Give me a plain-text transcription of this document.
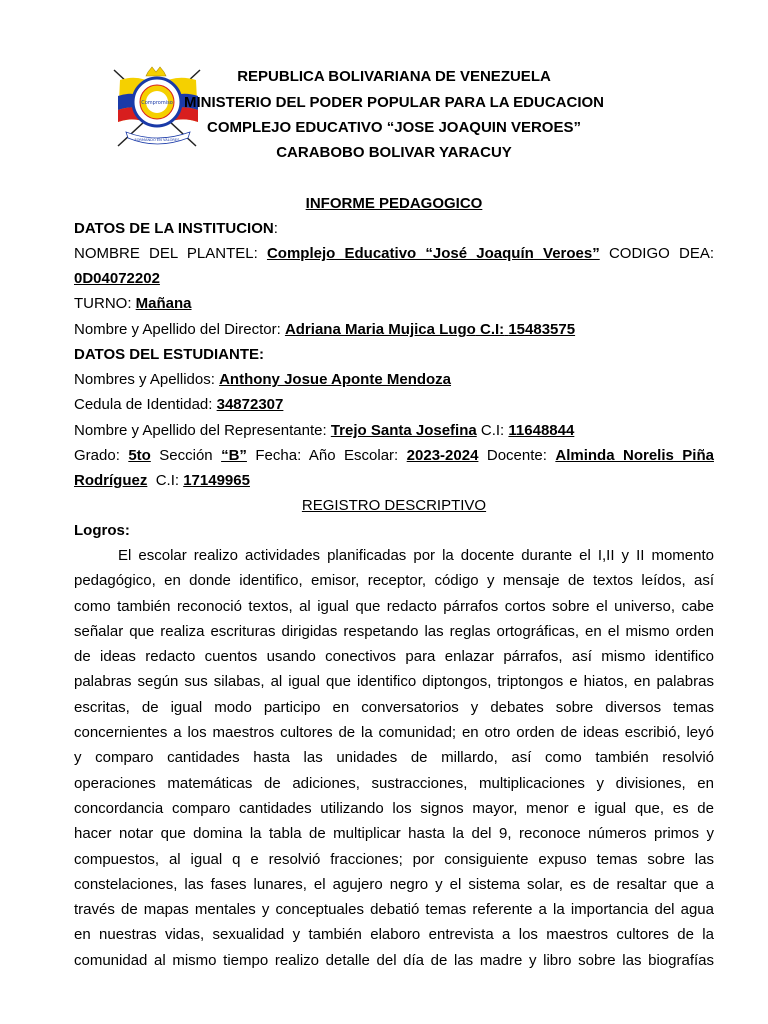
Compromiso
FORMANDO EN VALORES
REPUBLICA BOLIVARIANA DE VENEZUELA
MINISTERIO DEL PODER POPULAR PARA LA EDUCACION
COMPLEJO EDUCATIVO “JOSE JOAQUIN VEROES”
CARABOBO BOLIVAR YARACUY
INFORME PEDAGOGICO
DATOS DE LA INSTITUCION:
NOMBRE DEL PLANTEL: Complejo Educativo “José Joaquín Veroes” CODIGO DEA:
0D04072202
TURNO: Mañana
Nombre y Apellido del Director: Adriana Maria Mujica Lugo C.I: 15483575
DATOS DEL ESTUDIANTE:
Nombres y Apellidos: Anthony Josue Aponte Mendoza
Cedula de Identidad: 34872307
Nombre y Apellido del Representante: Trejo Santa Josefina C.I: 11648844
Grado: 5to Sección “B” Fecha: Año Escolar: 2023-2024 Docente: Alminda Norelis Piña
Rodríguez C.I: 17149965
REGISTRO DESCRIPTIVO
Logros:
El escolar realizo actividades planificadas por la docente durante el I,II y II momento
pedagógico, en donde identifico, emisor, receptor, código y mensaje de textos leídos, así
como también reconoció textos, al igual que redacto párrafos cortos sobre el universo, cabe
señalar que realiza escrituras dirigidas respetando las reglas ortográficas, en el mismo orden
de ideas redacto cuentos usando conectivos para enlazar párrafos, así mismo identifico
palabras según sus silabas, al igual que identifico diptongos, triptongos e hiatos, en palabras
escritas, de igual modo participo en conversatorios y debates sobre diversos temas
concernientes a los maestros cultores de la comunidad; en otro orden de ideas escribió, leyó
y comparo cantidades hasta las unidades de millardo, así como también resolvió
operaciones matemáticas de adiciones, sustracciones, multiplicaciones y divisiones, en
concordancia comparo cantidades utilizando los signos mayor, menor e igual que, es de
hacer notar que domina la tabla de multiplicar hasta la del 9, reconoce números primos y
compuestos, al igual q e resolvió fracciones; por consiguiente expuso temas sobre las
constelaciones, las fases lunares, el agujero negro y el sistema solar, es de resaltar que a
través de mapas mentales y conceptuales debatió temas referente a la importancia del agua
en nuestras vidas, sexualidad y también elaboro entrevista a los maestros cultores de la
comunidad al mismo tiempo realizo detalle del día de las madre y libro sobre las biografías
